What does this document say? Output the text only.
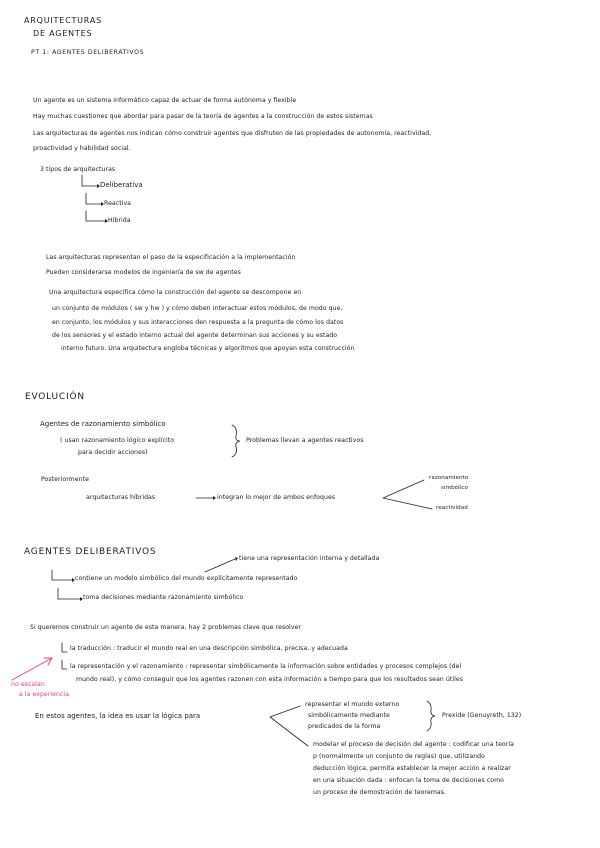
ARQUITECTURAS
DE AGENTES
PT 1: AGENTES DELIBERATIVOS
Un agente es un sistema informático capaz de actuar de forma autónoma y flexible
Hay muchas cuestiones que abordar para pasar de la teoría de agentes a la construcción de estos sistemas
Las arquitecturas de agentes nos indican cómo construir agentes que disfruten de las propiedades de autonomía, reactividad,
proactividad y habilidad social.
3 tipos de arquitecturas
Deliberativa
Reactiva
Híbrida
Las arquitecturas representan el paso de la especificación a la implementación
Pueden considerarse modelos de ingeniería de sw de agentes
Una arquitectura especifica cómo la construcción del agente se descompone en
un conjunto de módulos ( sw y hw ) y cómo deben interactuar estos módulos, de modo que,
en conjunto, los módulos y sus interacciones den respuesta a la pregunta de cómo los datos
de los sensores y el estado interno actual del agente determinan sus acciones y su estado
interno futuro. Una arquitectura engloba técnicas y algoritmos que apoyan esta construcción
EVOLUCIÓN
Agentes de razonamiento simbólico
( usan razonamiento lógico explícito
para decidir acciones)
Problemas llevan a agentes reactivos
Posteriormente
arquitecturas híbridas	integran lo mejor de ambos enfoques
razonamiento
simbólico
reactividad
AGENTES DELIBERATIVOS
tiene una representación interna y detallada
contiene un modelo simbólico del mundo explícitamente representado
toma decisiones mediante razonamiento simbólico
Si queremos construir un agente de esta manera, hay 2 problemas clave que resolver
la traducción : traducir el mundo real en una descripción simbólica, precisa, y adecuada
la representación y el razonamiento : representar simbólicamente la información sobre entidades y procesos complejos (del
mundo real), y cómo conseguir que los agentes razonen con esta información a tiempo para que los resultados sean útiles
no escalan
a la experiencia
En estos agentes, la idea es usar la lógica para
representar el mundo externo
simbólicamente mediante
predicados de la forma
Prexide (Genuyreth, 132)
modelar el proceso de decisión del agente : codificar una teoría
p (normalmente un conjunto de reglas) que, utilizando
deducción lógica, permita establecer la mejor acción a realizar
en una situación dada : enfocan la toma de decisiones como
un proceso de demostración de teoremas.
